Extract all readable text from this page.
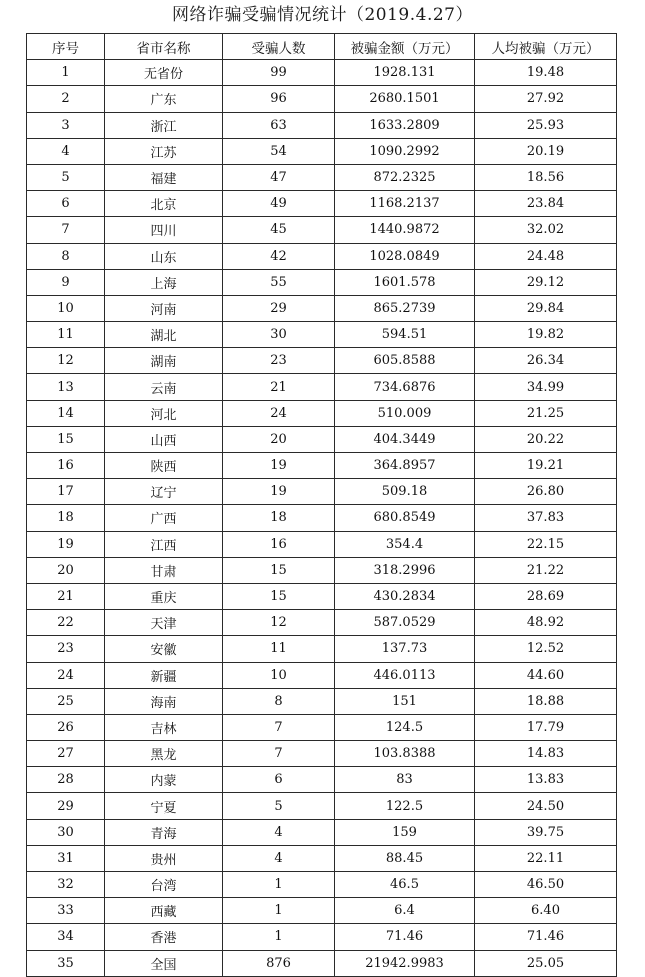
网络诈骗受骗情况统计（2019.4.27）
序号	省市名称	受骗人数	被骗金额（万元）	人均被骗（万元）
1	无省份	99	1928.131	19.48
2	广东	96	2680.1501	27.92
3	浙江	63	1633.2809	25.93
4	江苏	54	1090.2992	20.19
5	福建	47	872.2325	18.56
6	北京	49	1168.2137	23.84
7	四川	45	1440.9872	32.02
8	山东	42	1028.0849	24.48
9	上海	55	1601.578	29.12
10	河南	29	865.2739	29.84
11	湖北	30	594.51	19.82
12	湖南	23	605.8588	26.34
13	云南	21	734.6876	34.99
14	河北	24	510.009	21.25
15	山西	20	404.3449	20.22
16	陕西	19	364.8957	19.21
17	辽宁	19	509.18	26.80
18	广西	18	680.8549	37.83
19	江西	16	354.4	22.15
20	甘肃	15	318.2996	21.22
21	重庆	15	430.2834	28.69
22	天津	12	587.0529	48.92
23	安徽	11	137.73	12.52
24	新疆	10	446.0113	44.60
25	海南	8	151	18.88
26	吉林	7	124.5	17.79
27	黑龙	7	103.8388	14.83
28	内蒙	6	83	13.83
29	宁夏	5	122.5	24.50
30	青海	4	159	39.75
31	贵州	4	88.45	22.11
32	台湾	1	46.5	46.50
33	西藏	1	6.4	6.40
34	香港	1	71.46	71.46
35	全国	876	21942.9983	25.05
